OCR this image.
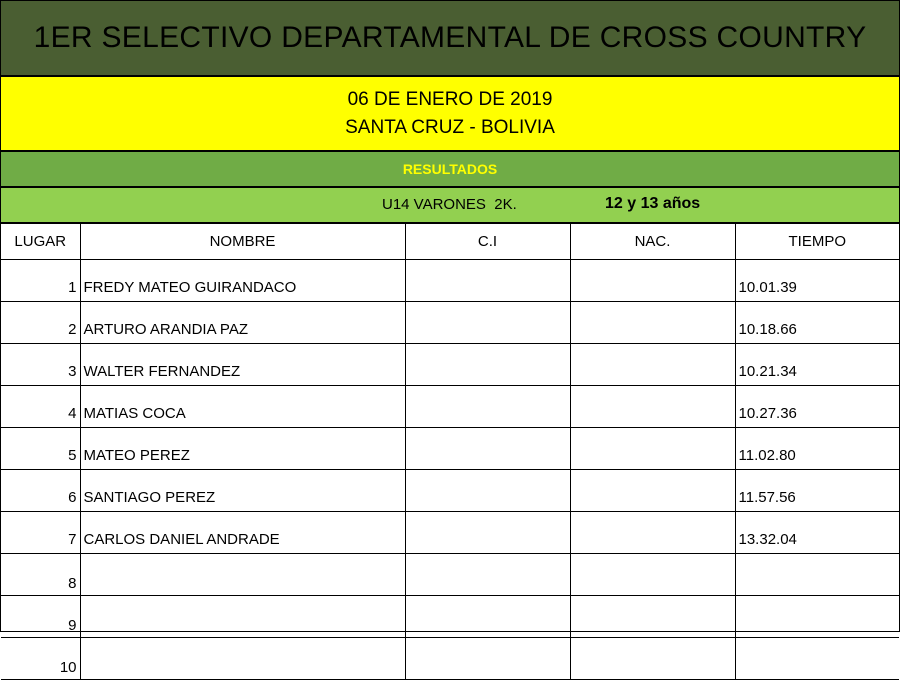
1ER SELECTIVO DEPARTAMENTAL DE CROSS COUNTRY
06 DE ENERO DE 2019
SANTA CRUZ - BOLIVIA
RESULTADOS
U14 VARONES  2K.	12 y 13 años
LUGAR	NOMBRE	C.I	NAC.	TIEMPO
1	FREDY MATEO GUIRANDACO			10.01.39
2	ARTURO ARANDIA PAZ			10.18.66
3	WALTER FERNANDEZ			10.21.34
4	MATIAS COCA			10.27.36
5	MATEO PEREZ			11.02.80
6	SANTIAGO PEREZ			11.57.56
7	CARLOS DANIEL ANDRADE			13.32.04
8				
9				
10				
